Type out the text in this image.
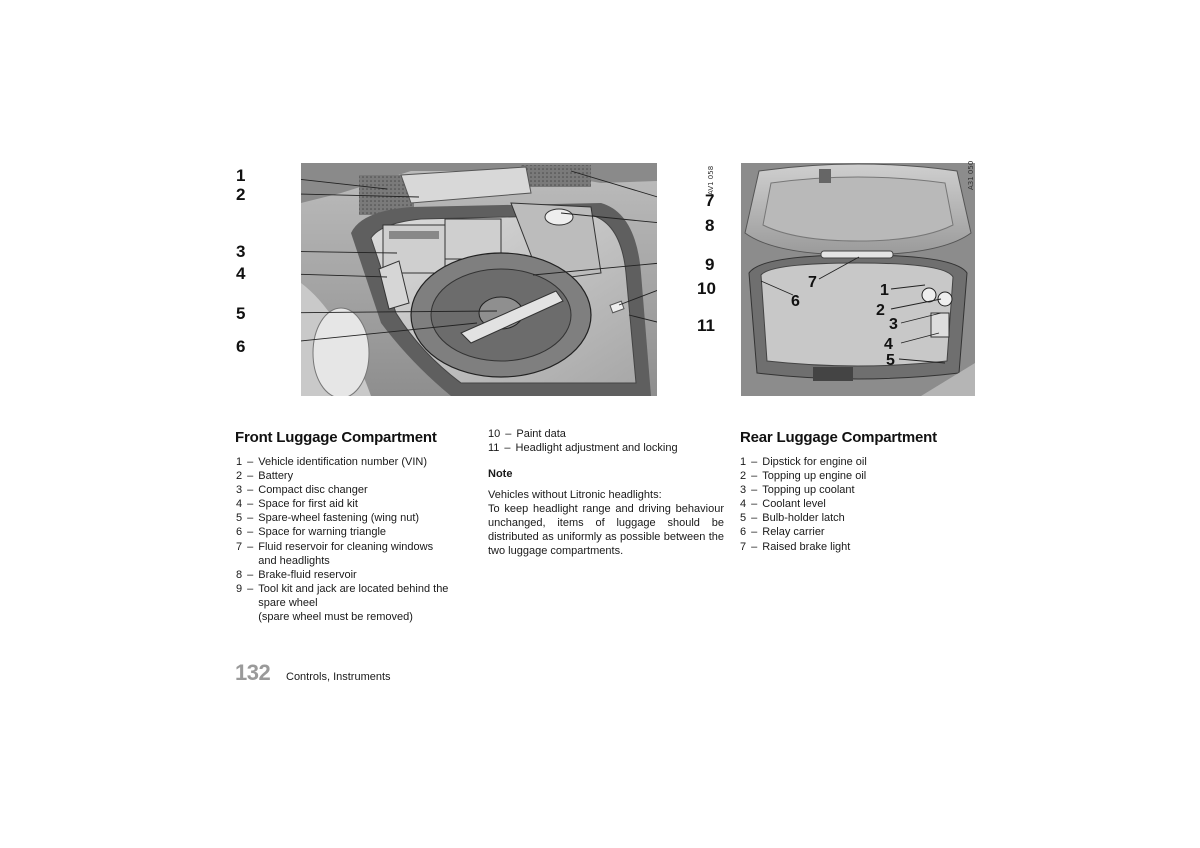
AV1 058
1
2
3
4
5
6
7
8
9
10
11
A31 050
1
2
3
4
5
6
7
Front Luggage Compartment
1 – Vehicle identification number (VIN)
2 – Battery
3 – Compact disc changer
4 – Space for first aid kit
5 – Spare-wheel fastening (wing nut)
6 – Space for warning triangle
7 – Fluid reservoir for cleaning windows
and headlights
8 – Brake-fluid reservoir
9 – Tool kit and jack are located behind the
spare wheel
(spare wheel must be removed)
10 – Paint data
11 – Headlight adjustment and locking
Note

Vehicles without Litronic headlights:

To keep headlight range and driving behaviour unchanged, items of luggage should be distributed as uniformly as possible between the two luggage compartments.

Rear Luggage Compartment
1 – Dipstick for engine oil
2 – Topping up engine oil
3 – Topping up coolant
4 – Coolant level
5 – Bulb-holder latch
6 – Relay carrier
7 – Raised brake light
132 Controls, Instruments
